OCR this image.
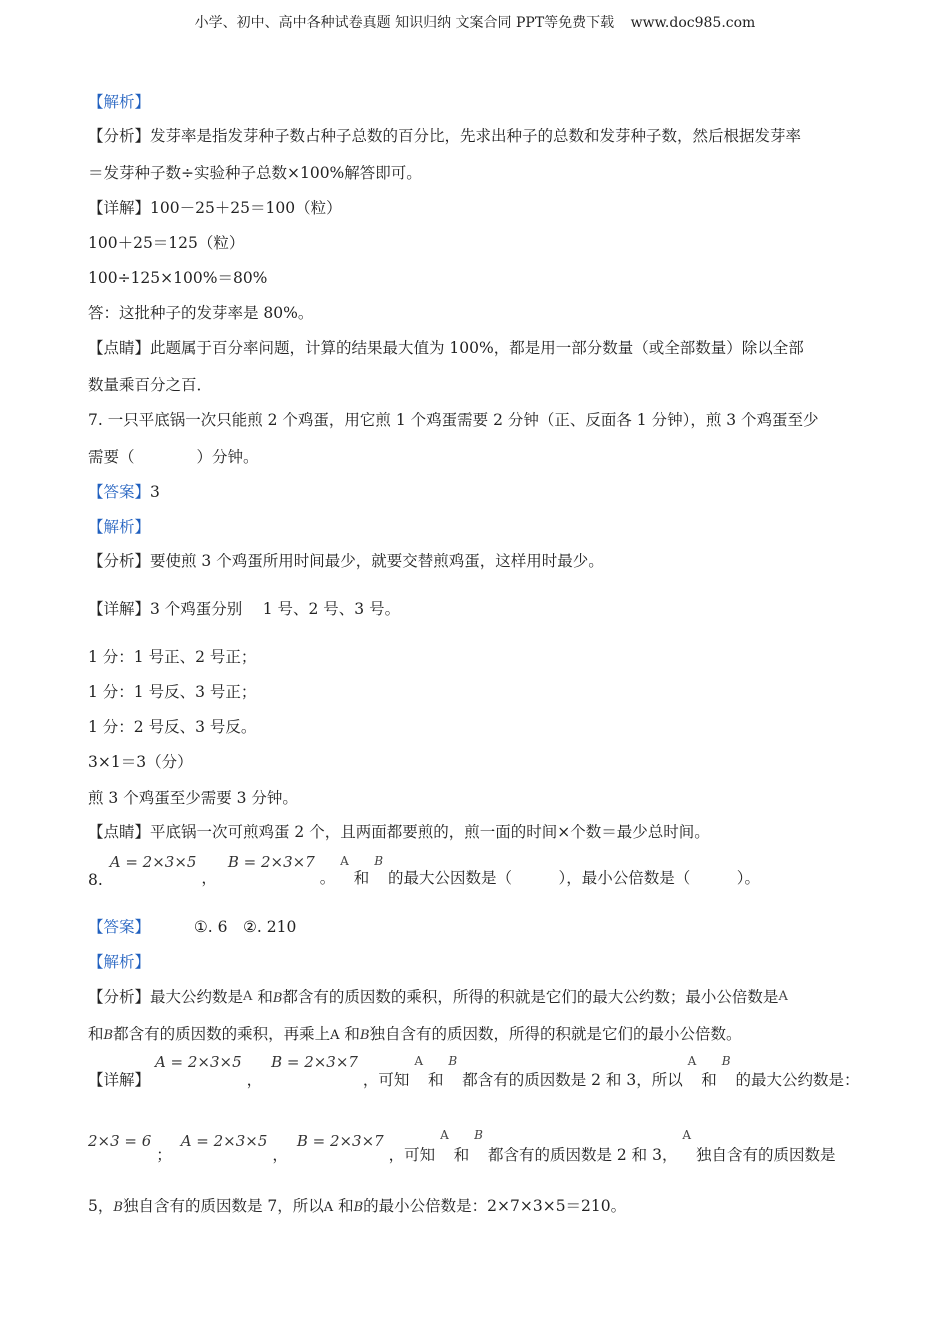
小学、初中、高中各种试卷真题 知识归纳 文案合同 PPT等免费下载 www.doc985.com
【解析】
【分析】发芽率是指发芽种子数占种子总数的百分比，先求出种子的总数和发芽种子数，然后根据发芽率
＝发芽种子数÷实验种子总数×100%解答即可。
【详解】100－25＋25＝100（粒）
100＋25＝125（粒）
100÷125×100%＝80%
答：这批种子的发芽率是 80%。
【点睛】此题属于百分率问题，计算的结果最大值为 100%，都是用一部分数量（或全部数量）除以全部
数量乘百分之百．
7. 一只平底锅一次只能煎 2 个鸡蛋，用它煎 1 个鸡蛋需要 2 分钟（正、反面各 1 分钟），煎 3 个鸡蛋至少
需要（　　　　）分钟。
【答案】3
【解析】
【分析】要使煎 3 个鸡蛋所用时间最少，就要交替煎鸡蛋，这样用时最少。
【详解】3 个鸡蛋分别　 1 号、2 号、3 号。
1 分：1 号正、2 号正；
1 分：1 号反、3 号正；
1 分：2 号反、3 号反。
3×1＝3（分）
煎 3 个鸡蛋至少需要 3 分钟。
【点睛】平底锅一次可煎鸡蛋 2 个，且两面都要煎的，煎一面的时间×个数＝最少总时间。
8. A = 2×3×5 ， B = 2×3×7 。 $^A$ 和 $^B$ 的最大公因数是（　　　），最小公倍数是（　　　）。
【答案】	①. 6　②. 210
【解析】
【分析】最大公约数是A 和B都含有的质因数的乘积，所得的积就是它们的最大公约数；最小公倍数是A
和B都含有的质因数的乘积，再乘上A 和B独自含有的质因数，所得的积就是它们的最小公倍数。
【详解】 A = 2×3×5 ， B = 2×3×7 ，可知 $^A$ 和 $^B$ 都含有的质因数是 2 和 3，所以 $^A$ 和 $^B$ 的最大公约数是：
2×3 = 6 ； A = 2×3×5 ， B = 2×3×7 ，可知 $^A$ 和 $^B$ 都含有的质因数是 2 和 3， $^A$ 独自含有的质因数是
5，B独自含有的质因数是 7，所以A 和B的最小公倍数是：2×7×3×5＝210。
